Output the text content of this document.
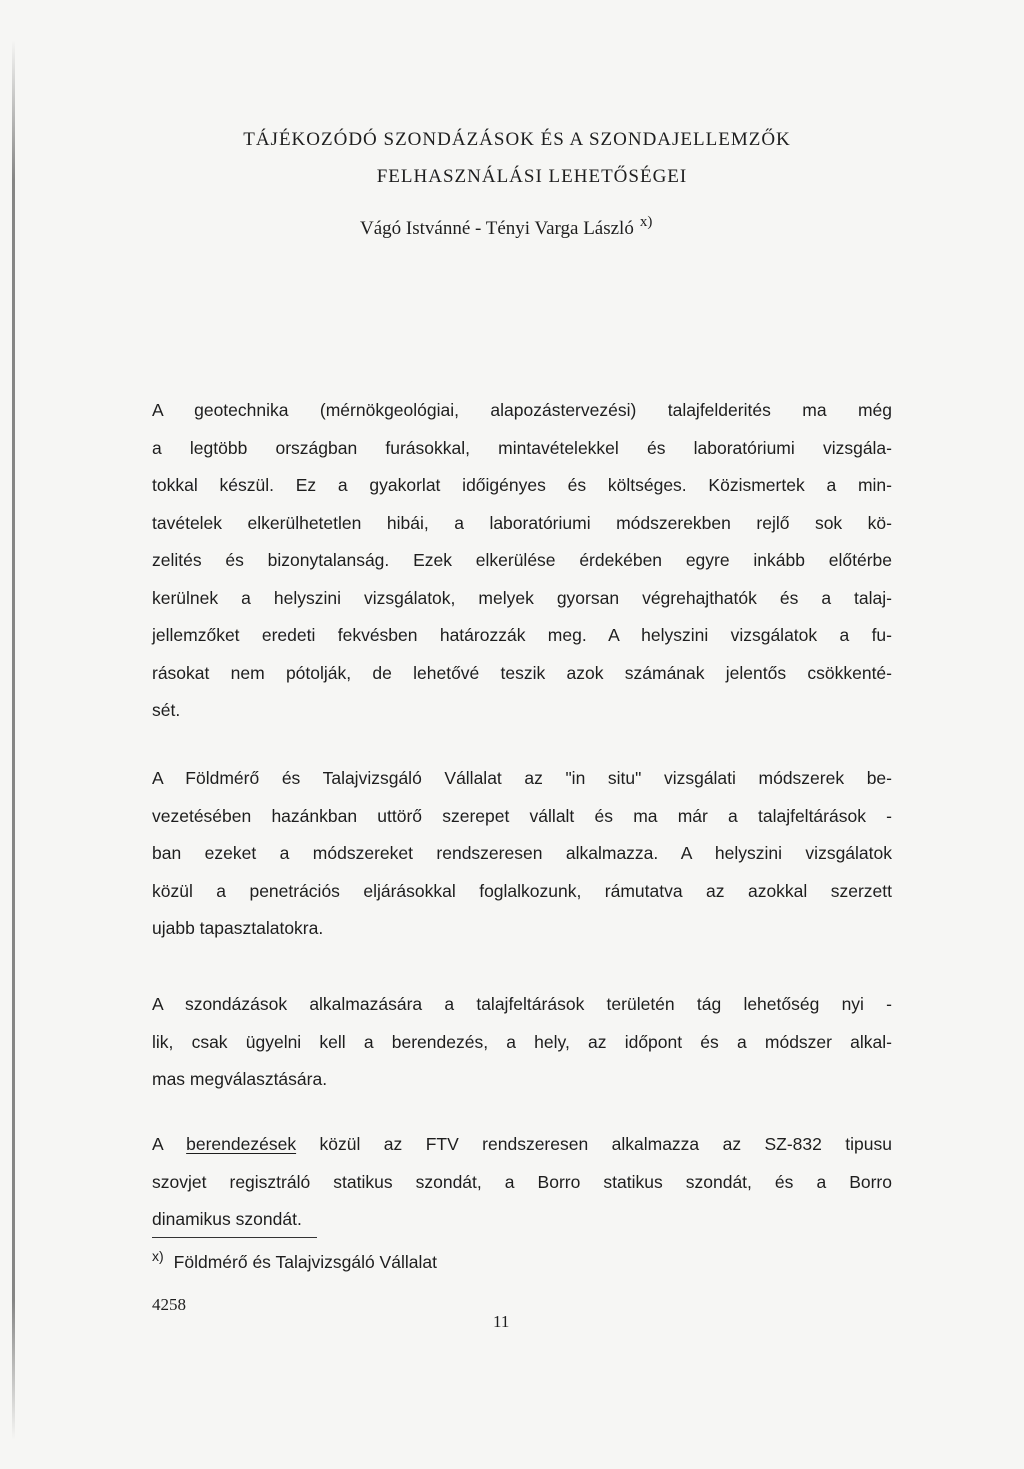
TÁJÉKOZÓDÓ SZONDÁZÁSOK ÉS A SZONDAJELLEMZŐK
FELHASZNÁLÁSI LEHETŐSÉGEI
Vágó Istvánné - Tényi Varga László $^{x)}$
A geotechnika (mérnökgeológiai, alapozástervezési) talajfelderités ma még
a legtöbb országban furásokkal, mintavételekkel és laboratóriumi vizsgála-
tokkal készül. Ez a gyakorlat időigényes és költséges. Közismertek a min-
tavételek elkerülhetetlen hibái, a laboratóriumi módszerekben rejlő sok kö-
zelités és bizonytalanság. Ezek elkerülése érdekében egyre inkább előtérbe
kerülnek a helyszini vizsgálatok, melyek gyorsan végrehajthatók és a talaj-
jellemzőket eredeti fekvésben határozzák meg. A helyszini vizsgálatok a fu-
rásokat nem pótolják, de lehetővé teszik azok számának jelentős csökkenté-
sét.
A Földmérő és Talajvizsgáló Vállalat az "in situ" vizsgálati módszerek be-
vezetésében hazánkban uttörő szerepet vállalt és ma már a talajfeltárások -
ban ezeket a módszereket rendszeresen alkalmazza. A helyszini vizsgálatok
közül a penetrációs eljárásokkal foglalkozunk, rámutatva az azokkal szerzett
ujabb tapasztalatokra.
A szondázások alkalmazására a talajfeltárások területén tág lehetőség nyi -
lik, csak ügyelni kell a berendezés, a hely, az időpont és a módszer alkal-
mas megválasztására.
A berendezések közül az FTV rendszeresen alkalmazza az SZ-832 tipusu
szovjet regisztráló statikus szondát, a Borro statikus szondát, és a Borro
dinamikus szondát.
$^{x)}$ Földmérő és Talajvizsgáló Vállalat
4258
11
